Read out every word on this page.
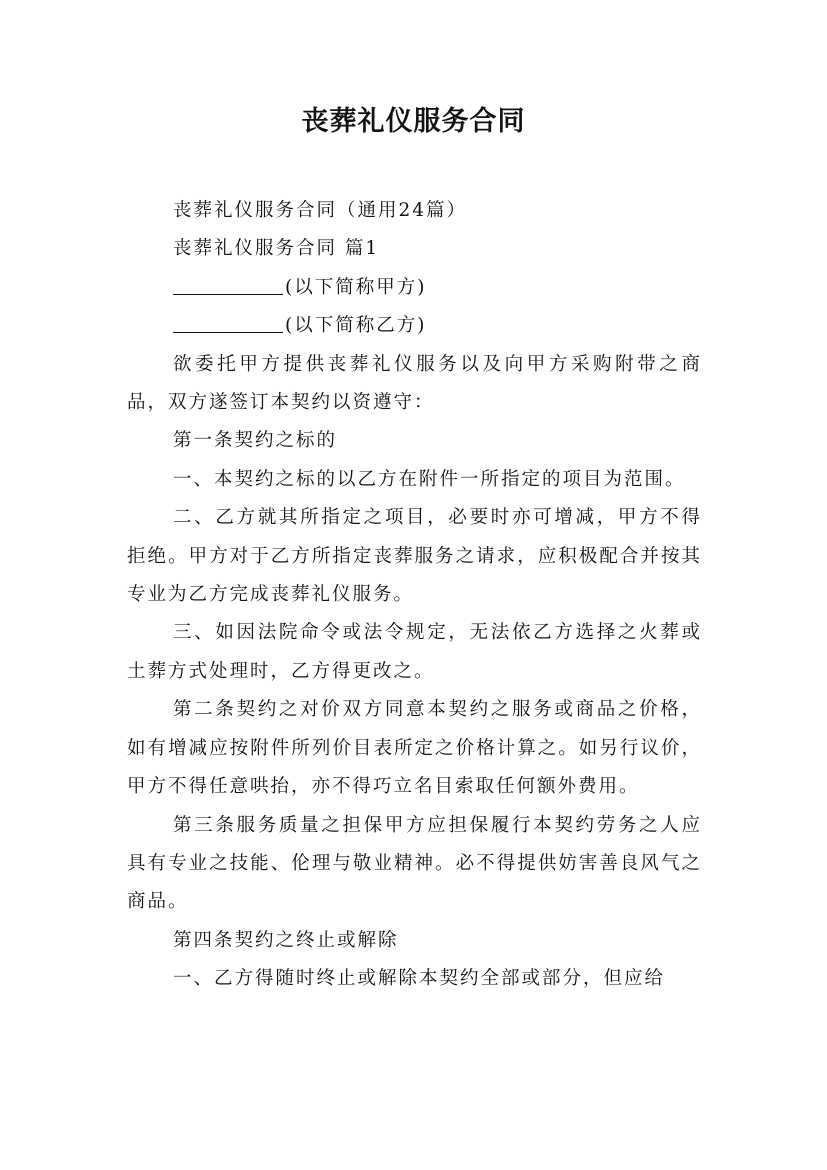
丧葬礼仪服务合同

丧葬礼仪服务合同（通用24篇）

丧葬礼仪服务合同 篇1

(以下简称甲方)

(以下简称乙方)

欲委托甲方提供丧葬礼仪服务以及向甲方采购附带之商品，双方遂签订本契约以资遵守：

第一条契约之标的

一、本契约之标的以乙方在附件一所指定的项目为范围。

二、乙方就其所指定之项目，必要时亦可增减，甲方不得拒绝。甲方对于乙方所指定丧葬服务之请求，应积极配合并按其专业为乙方完成丧葬礼仪服务。

三、如因法院命令或法令规定，无法依乙方选择之火葬或土葬方式处理时，乙方得更改之。

第二条契约之对价双方同意本契约之服务或商品之价格，如有增减应按附件所列价目表所定之价格计算之。如另行议价，甲方不得任意哄抬，亦不得巧立名目索取任何额外费用。

第三条服务质量之担保甲方应担保履行本契约劳务之人应具有专业之技能、伦理与敬业精神。必不得提供妨害善良风气之商品。

第四条契约之终止或解除

一、乙方得随时终止或解除本契约全部或部分，但应给
